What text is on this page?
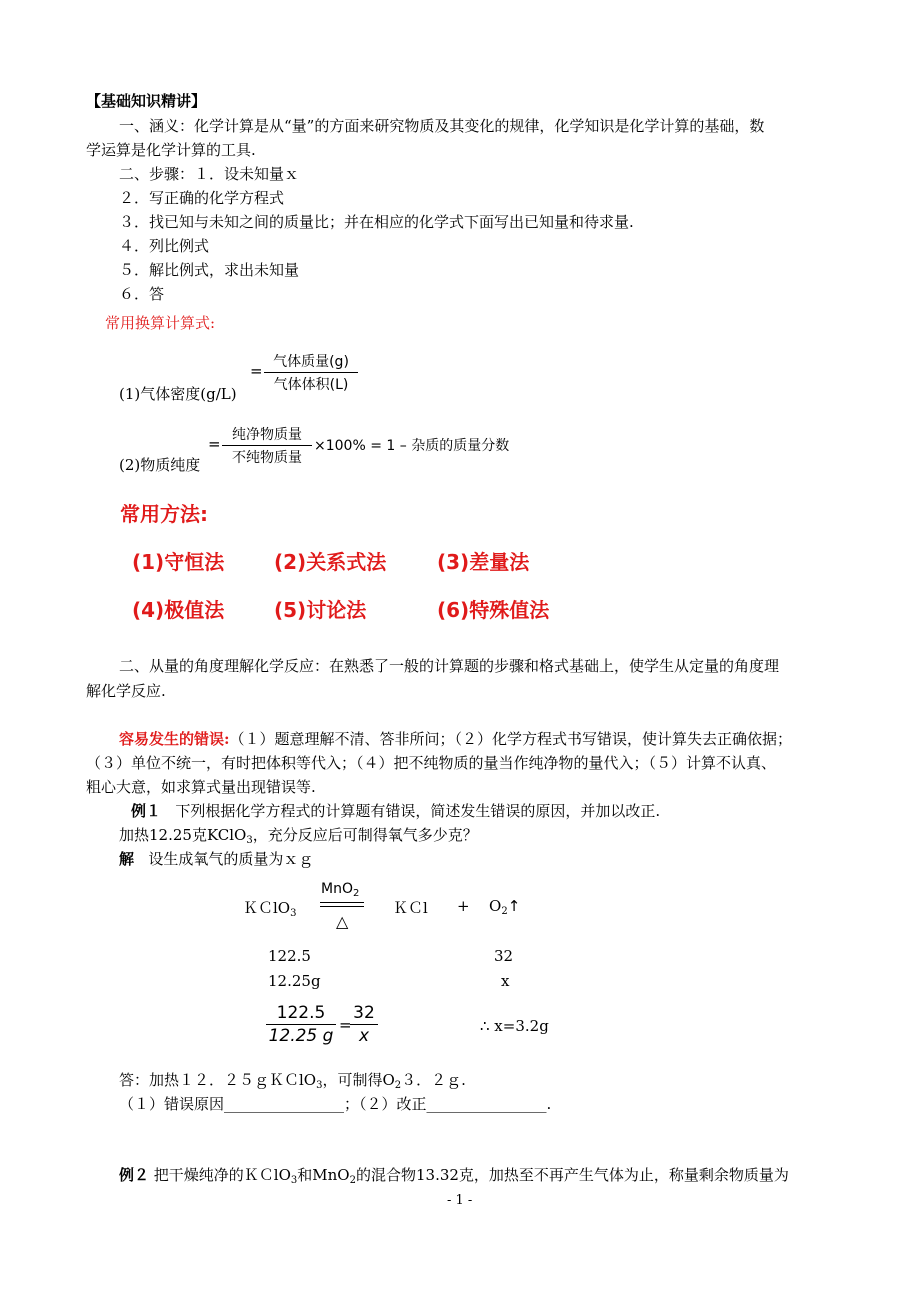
【基础知识精讲】
一、涵义：化学计算是从“量”的方面来研究物质及其变化的规律，化学知识是化学计算的基础，数
学运算是化学计算的工具.
二、步骤：１．设未知量ｘ
２．写正确的化学方程式
３．找已知与未知之间的质量比；并在相应的化学式下面写出已知量和待求量.
４．列比例式
５．解比例式，求出未知量
６．答
常用换算计算式:
= 气体质量(g)
气体体积(L)
(1)气体密度(g/L)
= 纯净物质量
不纯物质量
×100% = 1 – 杂质的质量分数
(2)物质纯度
常用方法:
(1)守恒法 (2)关系式法	(3)差量法
(4)极值法 (5)讨论法	(6)特殊值法
二、从量的角度理解化学反应：在熟悉了一般的计算题的步骤和格式基础上，使学生从定量的角度理
解化学反应.
容易发生的错误:（１）题意理解不清、答非所问；（２）化学方程式书写错误，使计算失去正确依据；
（３）单位不统一，有时把体积等代入；（４）把不纯物质的量当作纯净物的量代入；（５）计算不认真、
粗心大意，如求算式量出现错误等.
例１ 下列根据化学方程式的计算题有错误，简述发生错误的原因，并加以改正.
加热12.25克KClO$_3$，充分反应后可制得氧气多少克？
解 设生成氧气的质量为ｘｇ
ＫＣlO$_3$
MnO$_2$
△
ＫＣl + $O_2↑$
122.5	32
12.25g	x
122.5
12.25 g
=
32
x	∴ x=3.2g
答：加热１２．２５ｇＫＣlO$_3$，可制得$O_23$．２ｇ.
（１）错误原因________________；（２）改正________________.
例２ 把干燥纯净的ＫＣlO$_3$和MnO$_2$的混合物13.32克，加热至不再产生气体为止，称量剩余物质量为
- 1 -
